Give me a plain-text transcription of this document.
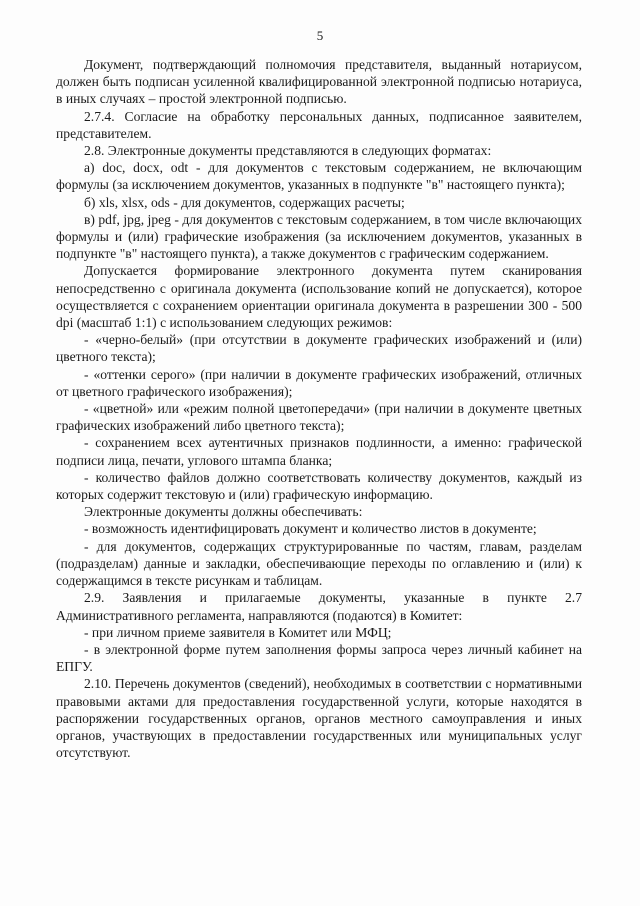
5

Документ, подтверждающий полномочия представителя, выданный нотариусом, должен быть подписан усиленной квалифицированной электронной подписью нотариуса, в иных случаях – простой электронной подписью.

2.7.4. Согласие на обработку персональных данных, подписанное заявителем, представителем.

2.8. Электронные документы представляются в следующих форматах:

а) doc, docx, odt - для документов с текстовым содержанием, не включающим формулы (за исключением документов, указанных в подпункте "в" настоящего пункта);

б) xls, xlsx, ods - для документов, содержащих расчеты;

в) pdf, jpg, jpeg - для документов с текстовым содержанием, в том числе включающих формулы и (или) графические изображения (за исключением документов, указанных в подпункте "в" настоящего пункта), а также документов с графическим содержанием.

Допускается формирование электронного документа путем сканирования непосредственно с оригинала документа (использование копий не допускается), которое осуществляется с сохранением ориентации оригинала документа в разрешении 300 - 500 dpi (масштаб 1:1) с использованием следующих режимов:

- «черно-белый» (при отсутствии в документе графических изображений и (или) цветного текста);

- «оттенки серого» (при наличии в документе графических изображений, отличных от цветного графического изображения);

- «цветной» или «режим полной цветопередачи» (при наличии в документе цветных графических изображений либо цветного текста);

- сохранением всех аутентичных признаков подлинности, а именно: графической подписи лица, печати, углового штампа бланка;

- количество файлов должно соответствовать количеству документов, каждый из которых содержит текстовую и (или) графическую информацию.

Электронные документы должны обеспечивать:

- возможность идентифицировать документ и количество листов в документе;

- для документов, содержащих структурированные по частям, главам, разделам (подразделам) данные и закладки, обеспечивающие переходы по оглавлению и (или) к содержащимся в тексте рисункам и таблицам.

2.9. Заявления и прилагаемые документы, указанные в пункте 2.7 Административного регламента, направляются (подаются) в Комитет:

- при личном приеме заявителя в Комитет или МФЦ;

- в электронной форме путем заполнения формы запроса через личный кабинет на ЕПГУ.

2.10. Перечень документов (сведений), необходимых в соответствии с нормативными правовыми актами для предоставления государственной услуги, которые находятся в распоряжении государственных органов, органов местного самоуправления и иных органов, участвующих в предоставлении государственных или муниципальных услуг отсутствуют.
